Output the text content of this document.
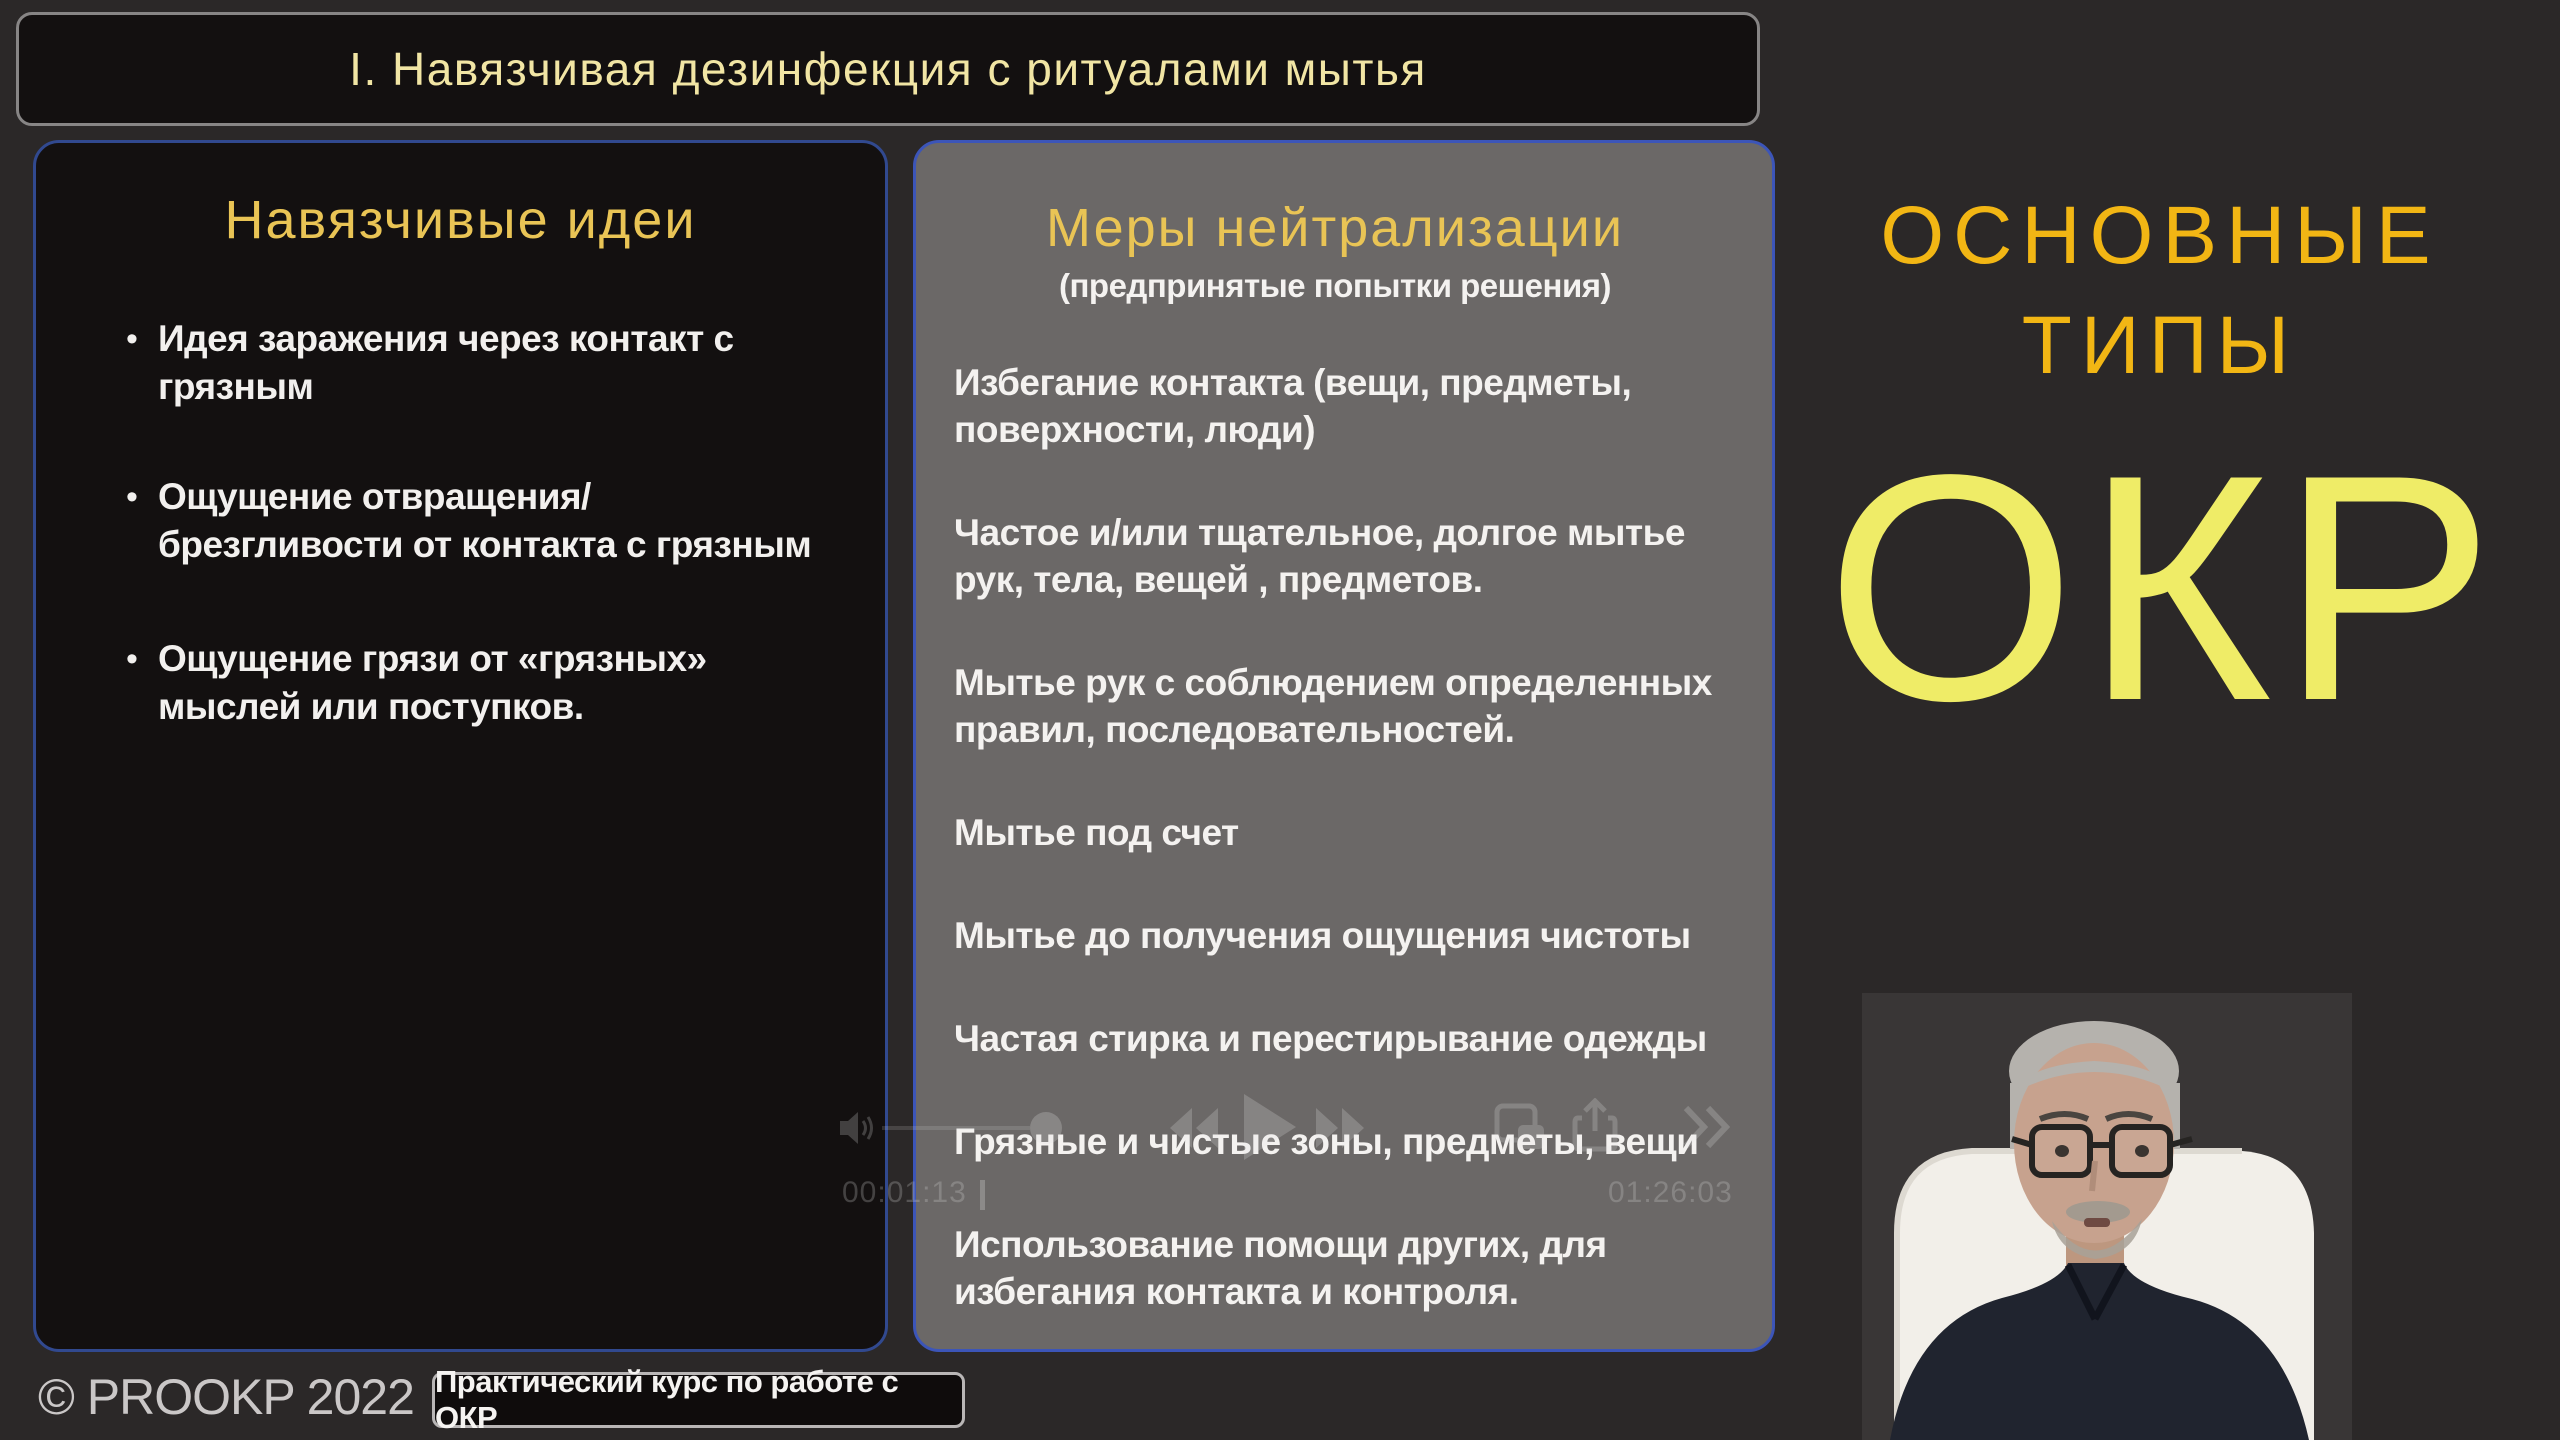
I. Навязчивая дезинфекция с ритуалами мытья
Навязчивые идеи
• Идея заражения через контакт с грязным
• Ощущение отвращения/брезгливости от контакта с грязным
• Ощущение грязи от «грязных» мыслей или поступков.
Меры нейтрализации
(предпринятые попытки решения)
Избегание контакта (вещи, предметы, поверхности, люди)
Частое и/или тщательное, долгое мытье рук, тела, вещей , предметов.
Мытье рук с соблюдением определенных правил, последовательностей.
Мытье под счет
Мытье до получения ощущения чистоты
Частая стирка и перестирывание одежды
Грязные и чистые зоны, предметы, вещи
Использование помощи других, для избегания контакта и контроля.
ОСНОВНЫЕ
ТИПЫ
ОКР
© PROOKP 2022 Практический курс по работе с ОКР
00:01:13	01:26:03
